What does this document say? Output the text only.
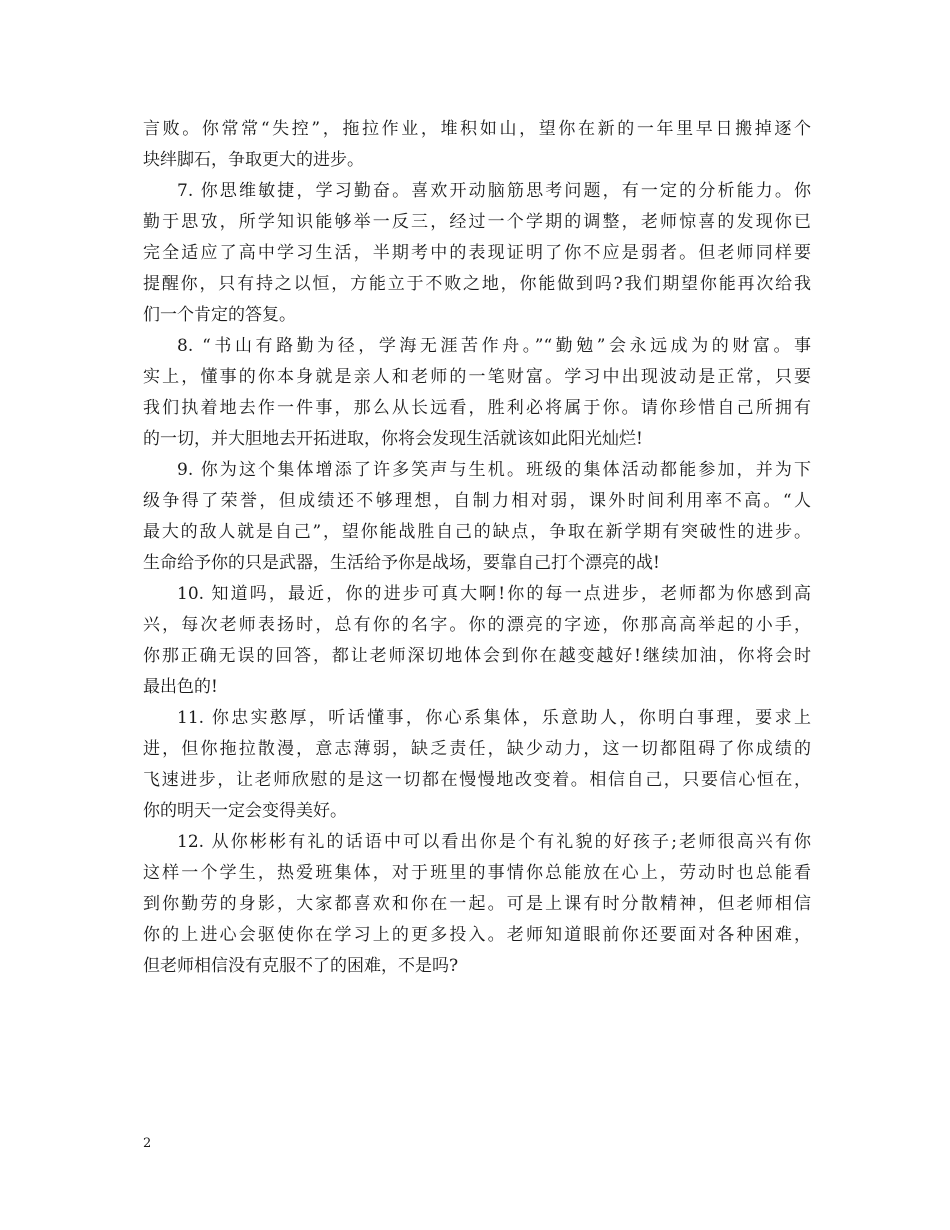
言败。你常常“失控”，拖拉作业，堆积如山，望你在新的一年里早日搬掉逐个
块绊脚石，争取更大的进步。
7. 你思维敏捷，学习勤奋。喜欢开动脑筋思考问题，有一定的分析能力。你
勤于思攷，所学知识能够举一反三，经过一个学期的调整，老师惊喜的发现你已
完全适应了高中学习生活，半期考中的表现证明了你不应是弱者。但老师同样要
提醒你，只有持之以恒，方能立于不败之地，你能做到吗?我们期望你能再次给我
们一个肯定的答复。
8. “书山有路勤为径，学海无涯苦作舟。”“勤勉”会永远成为的财富。事
实上，懂事的你本身就是亲人和老师的一笔财富。学习中出现波动是正常，只要
我们执着地去作一件事，那么从长远看，胜利必将属于你。请你珍惜自己所拥有
的一切，并大胆地去开拓进取，你将会发现生活就该如此阳光灿烂!
9. 你为这个集体增添了许多笑声与生机。班级的集体活动都能参加，并为下
级争得了荣誉，但成绩还不够理想，自制力相对弱，课外时间利用率不高。“人
最大的敌人就是自己”，望你能战胜自己的缺点，争取在新学期有突破性的进步。
生命给予你的只是武器，生活给予你是战场，要靠自己打个漂亮的战!
10. 知道吗，最近，你的进步可真大啊!你的每一点进步，老师都为你感到高
兴，每次老师表扬时，总有你的名字。你的漂亮的字迹，你那高高举起的小手，
你那正确无误的回答，都让老师深切地体会到你在越变越好!继续加油，你将会时
最出色的!
11. 你忠实憨厚，听话懂事，你心系集体，乐意助人，你明白事理，要求上
进，但你拖拉散漫，意志薄弱，缺乏责任，缺少动力，这一切都阻碍了你成绩的
飞速进步，让老师欣慰的是这一切都在慢慢地改变着。相信自己，只要信心恒在，
你的明天一定会变得美好。
12. 从你彬彬有礼的话语中可以看出你是个有礼貌的好孩子;老师很高兴有你
这样一个学生，热爱班集体，对于班里的事情你总能放在心上，劳动时也总能看
到你勤劳的身影，大家都喜欢和你在一起。可是上课有时分散精神，但老师相信
你的上进心会驱使你在学习上的更多投入。老师知道眼前你还要面对各种困难，
但老师相信没有克服不了的困难，不是吗?
2
